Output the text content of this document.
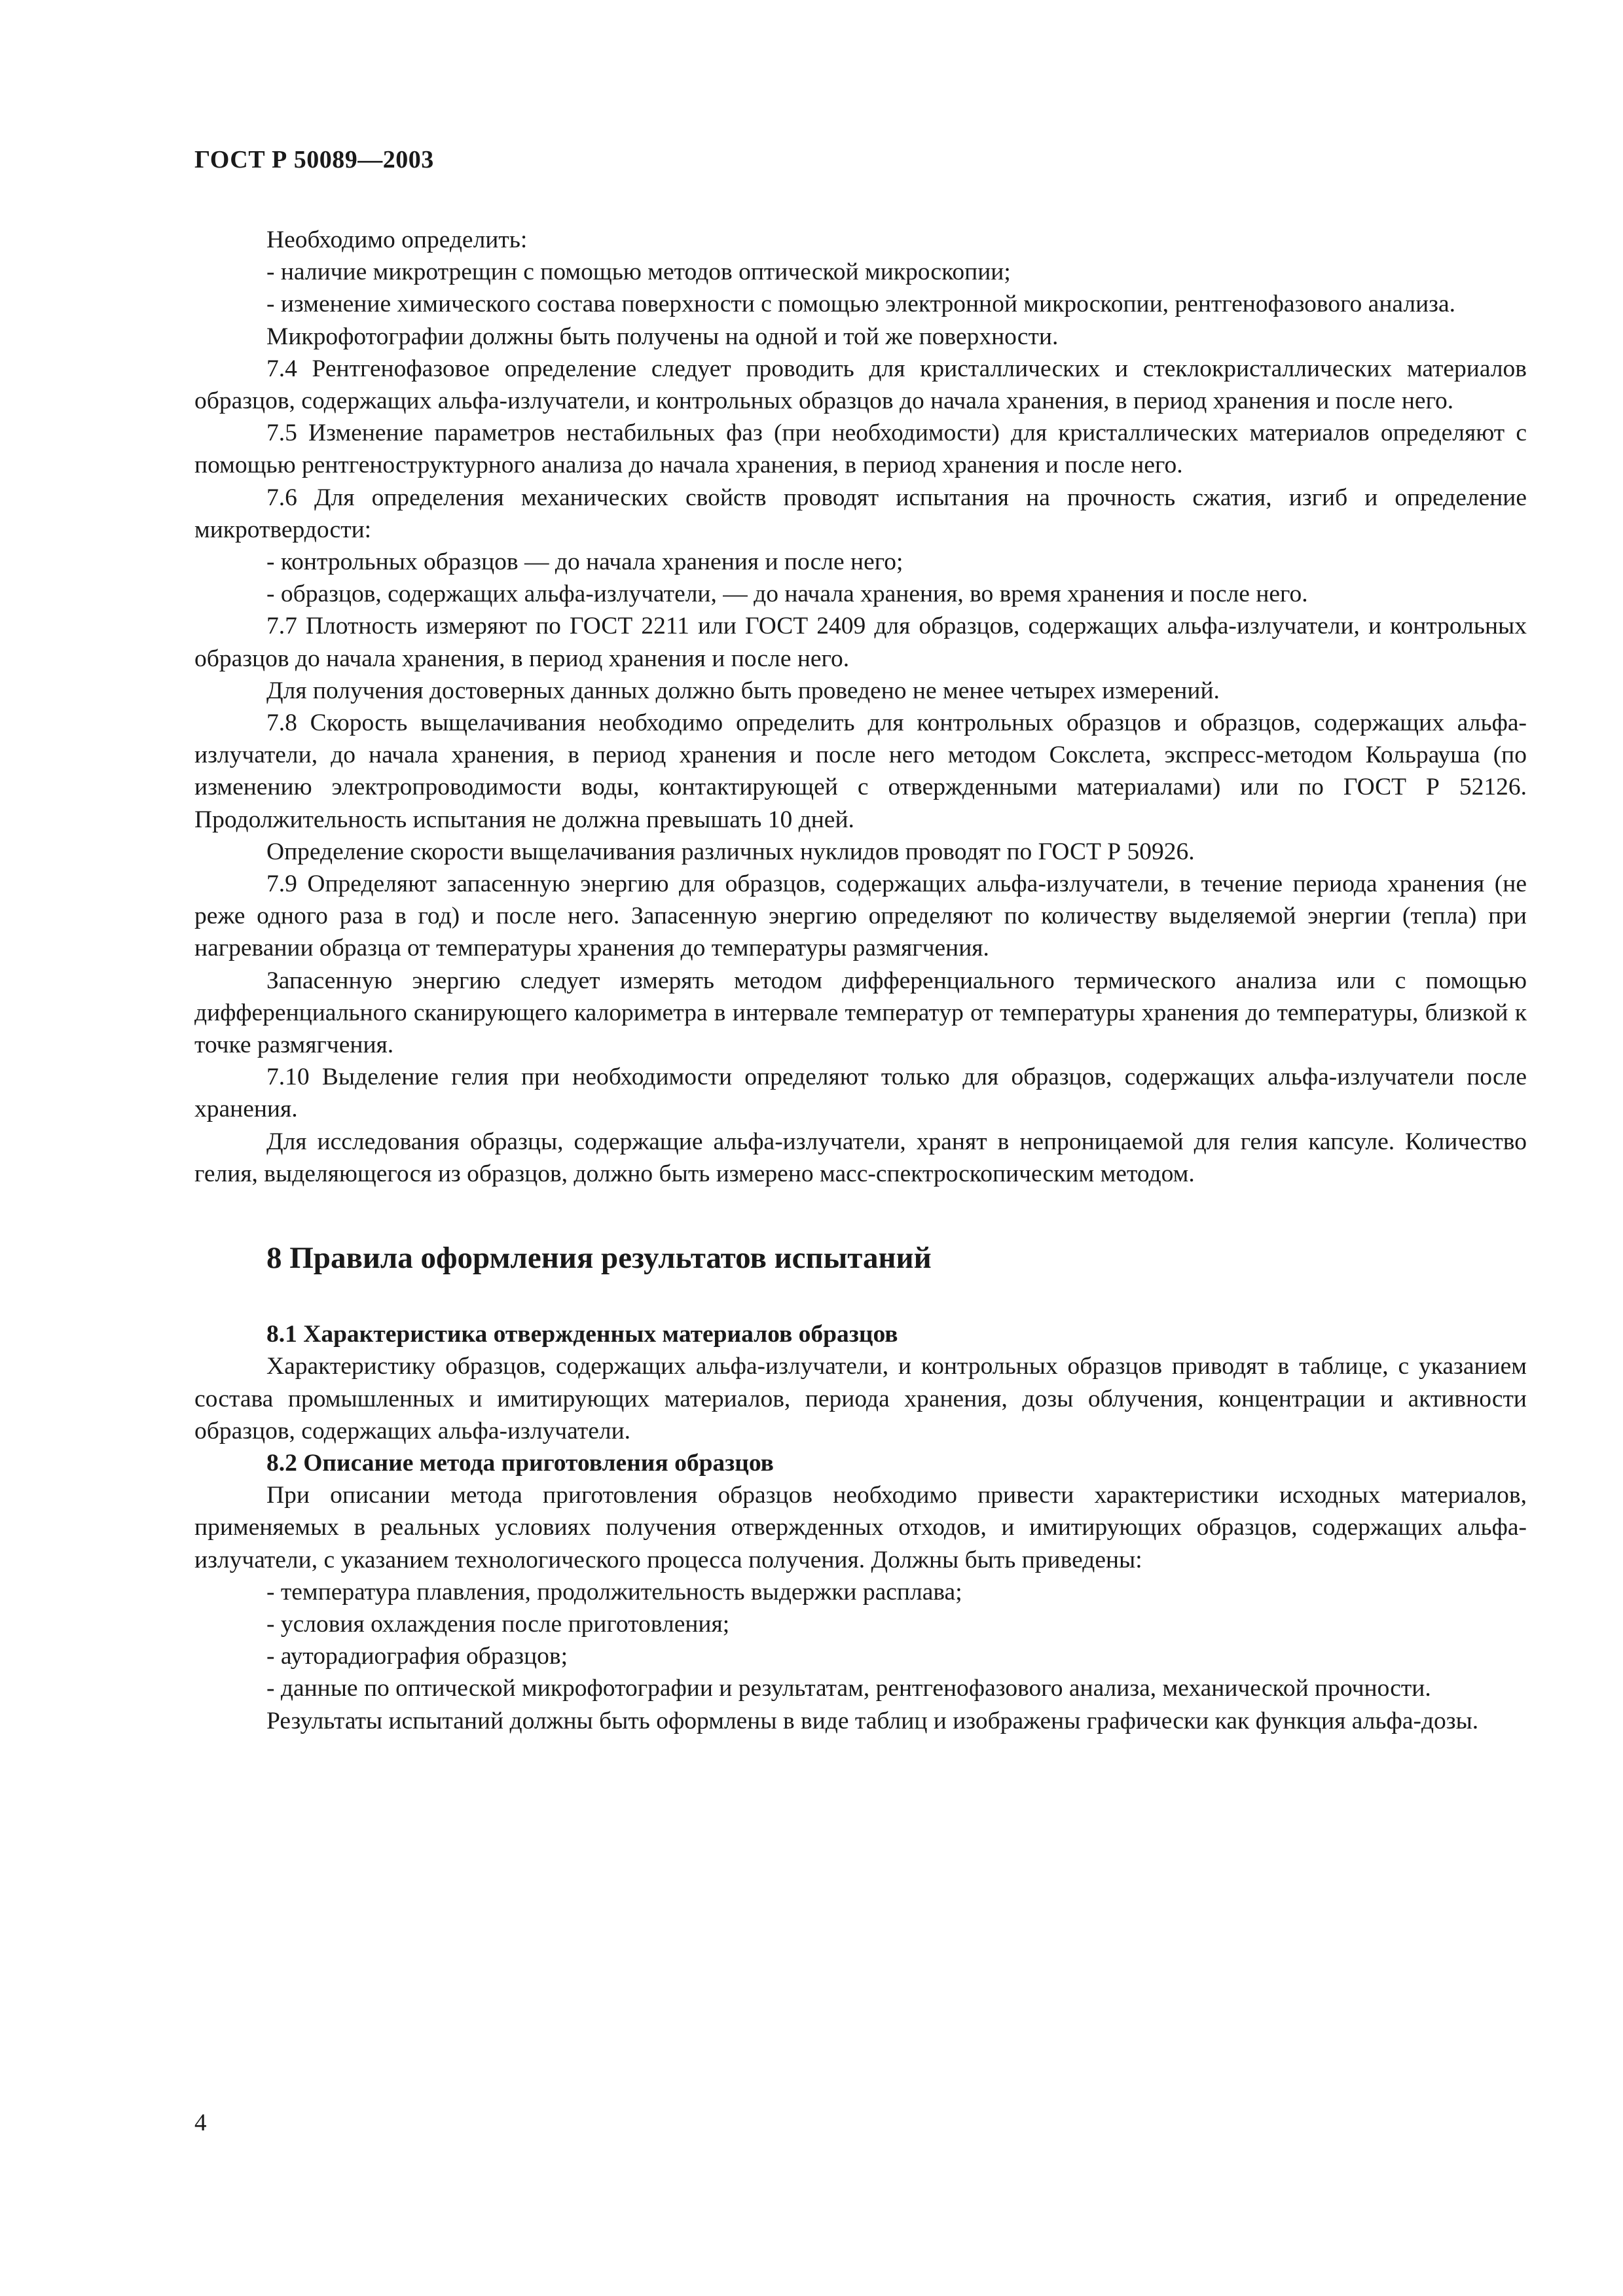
ГОСТ Р 50089—2003

Необходимо определить:

- наличие микротрещин с помощью методов оптической микроскопии;

- изменение химического состава поверхности с помощью электронной микроскопии, рентгенофазового анализа.

Микрофотографии должны быть получены на одной и той же поверхности.

7.4 Рентгенофазовое определение следует проводить для кристаллических и стеклокристаллических материалов образцов, содержащих альфа-излучатели, и контрольных образцов до начала хранения, в период хранения и после него.

7.5 Изменение параметров нестабильных фаз (при необходимости) для кристаллических материалов определяют с помощью рентгеноструктурного анализа до начала хранения, в период хранения и после него.

7.6 Для определения механических свойств проводят испытания на прочность сжатия, изгиб и определение микротвердости:

- контрольных образцов — до начала хранения и после него;

- образцов, содержащих альфа-излучатели, — до начала хранения, во время хранения и после него.

7.7 Плотность измеряют по ГОСТ 2211 или ГОСТ 2409 для образцов, содержащих альфа-излучатели, и контрольных образцов до начала хранения, в период хранения и после него.

Для получения достоверных данных должно быть проведено не менее четырех измерений.

7.8 Скорость выщелачивания необходимо определить для контрольных образцов и образцов, содержащих альфа-излучатели, до начала хранения, в период хранения и после него методом Сокслета, экспресс-методом Кольрауша (по изменению электропроводимости воды, контактирующей с отвержденными материалами) или по ГОСТ Р 52126. Продолжительность испытания не должна превышать 10 дней.

Определение скорости выщелачивания различных нуклидов проводят по ГОСТ Р 50926.

7.9 Определяют запасенную энергию для образцов, содержащих альфа-излучатели, в течение периода хранения (не реже одного раза в год) и после него. Запасенную энергию определяют по количеству выделяемой энергии (тепла) при нагревании образца от температуры хранения до температуры размягчения.

Запасенную энергию следует измерять методом дифференциального термического анализа или с помощью дифференциального сканирующего калориметра в интервале температур от температуры хранения до температуры, близкой к точке размягчения.

7.10 Выделение гелия при необходимости определяют только для образцов, содержащих альфа-излучатели после хранения.

Для исследования образцы, содержащие альфа-излучатели, хранят в непроницаемой для гелия капсуле. Количество гелия, выделяющегося из образцов, должно быть измерено масс-спектроскопическим методом.

8 Правила оформления результатов испытаний
8.1 Характеристика отвержденных материалов образцов

Характеристику образцов, содержащих альфа-излучатели, и контрольных образцов приводят в таблице, с указанием состава промышленных и имитирующих материалов, периода хранения, дозы облучения, концентрации и активности образцов, содержащих альфа-излучатели.

8.2 Описание метода приготовления образцов

При описании метода приготовления образцов необходимо привести характеристики исходных материалов, применяемых в реальных условиях получения отвержденных отходов, и имитирующих образцов, содержащих альфа-излучатели, с указанием технологического процесса получения. Должны быть приведены:

- температура плавления, продолжительность выдержки расплава;

- условия охлаждения после приготовления;

- ауторадиография образцов;

- данные по оптической микрофотографии и результатам, рентгенофазового анализа, механической прочности.

Результаты испытаний должны быть оформлены в виде таблиц и изображены графически как функция альфа-дозы.

4
